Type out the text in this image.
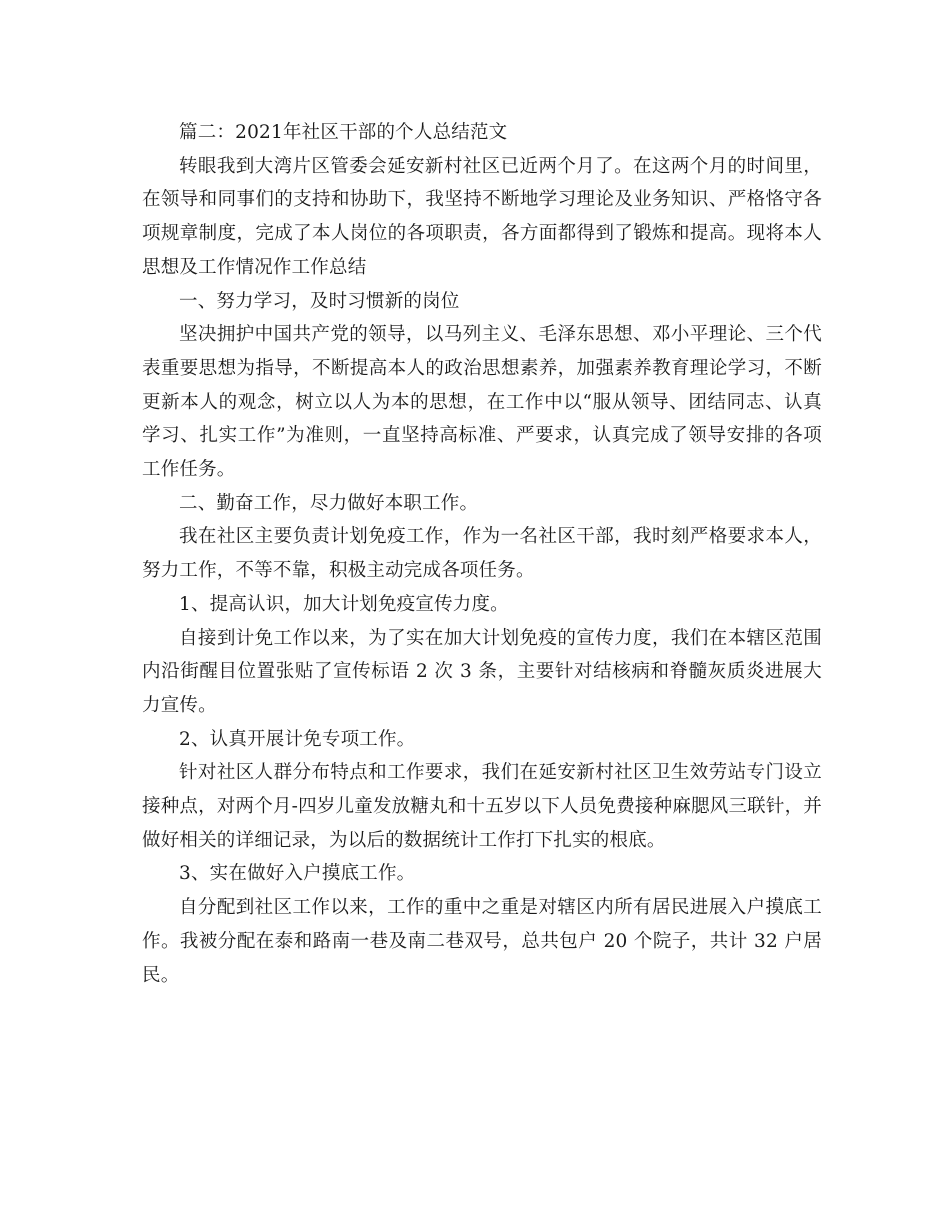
篇二：2021年社区干部的个人总结范文

转眼我到大湾片区管委会延安新村社区已近两个月了。在这两个月的时间里，在领导和同事们的支持和协助下，我坚持不断地学习理论及业务知识、严格恪守各项规章制度，完成了本人岗位的各项职责，各方面都得到了锻炼和提高。现将本人思想及工作情况作工作总结

一、努力学习，及时习惯新的岗位

坚决拥护中国共产党的领导，以马列主义、毛泽东思想、邓小平理论、三个代表重要思想为指导，不断提高本人的政治思想素养，加强素养教育理论学习，不断更新本人的观念，树立以人为本的思想，在工作中以“服从领导、团结同志、认真学习、扎实工作”为准则，一直坚持高标准、严要求，认真完成了领导安排的各项工作任务。

二、勤奋工作，尽力做好本职工作。

我在社区主要负责计划免疫工作，作为一名社区干部，我时刻严格要求本人，努力工作，不等不靠，积极主动完成各项任务。

1、提高认识，加大计划免疫宣传力度。

自接到计免工作以来，为了实在加大计划免疫的宣传力度，我们在本辖区范围内沿街醒目位置张贴了宣传标语 2 次 3 条，主要针对结核病和脊髓灰质炎进展大力宣传。

2、认真开展计免专项工作。

针对社区人群分布特点和工作要求，我们在延安新村社区卫生效劳站专门设立接种点，对两个月-四岁儿童发放糖丸和十五岁以下人员免费接种麻腮风三联针，并做好相关的详细记录，为以后的数据统计工作打下扎实的根底。

3、实在做好入户摸底工作。

自分配到社区工作以来，工作的重中之重是对辖区内所有居民进展入户摸底工作。我被分配在泰和路南一巷及南二巷双号，总共包户 20 个院子，共计 32 户居民。
